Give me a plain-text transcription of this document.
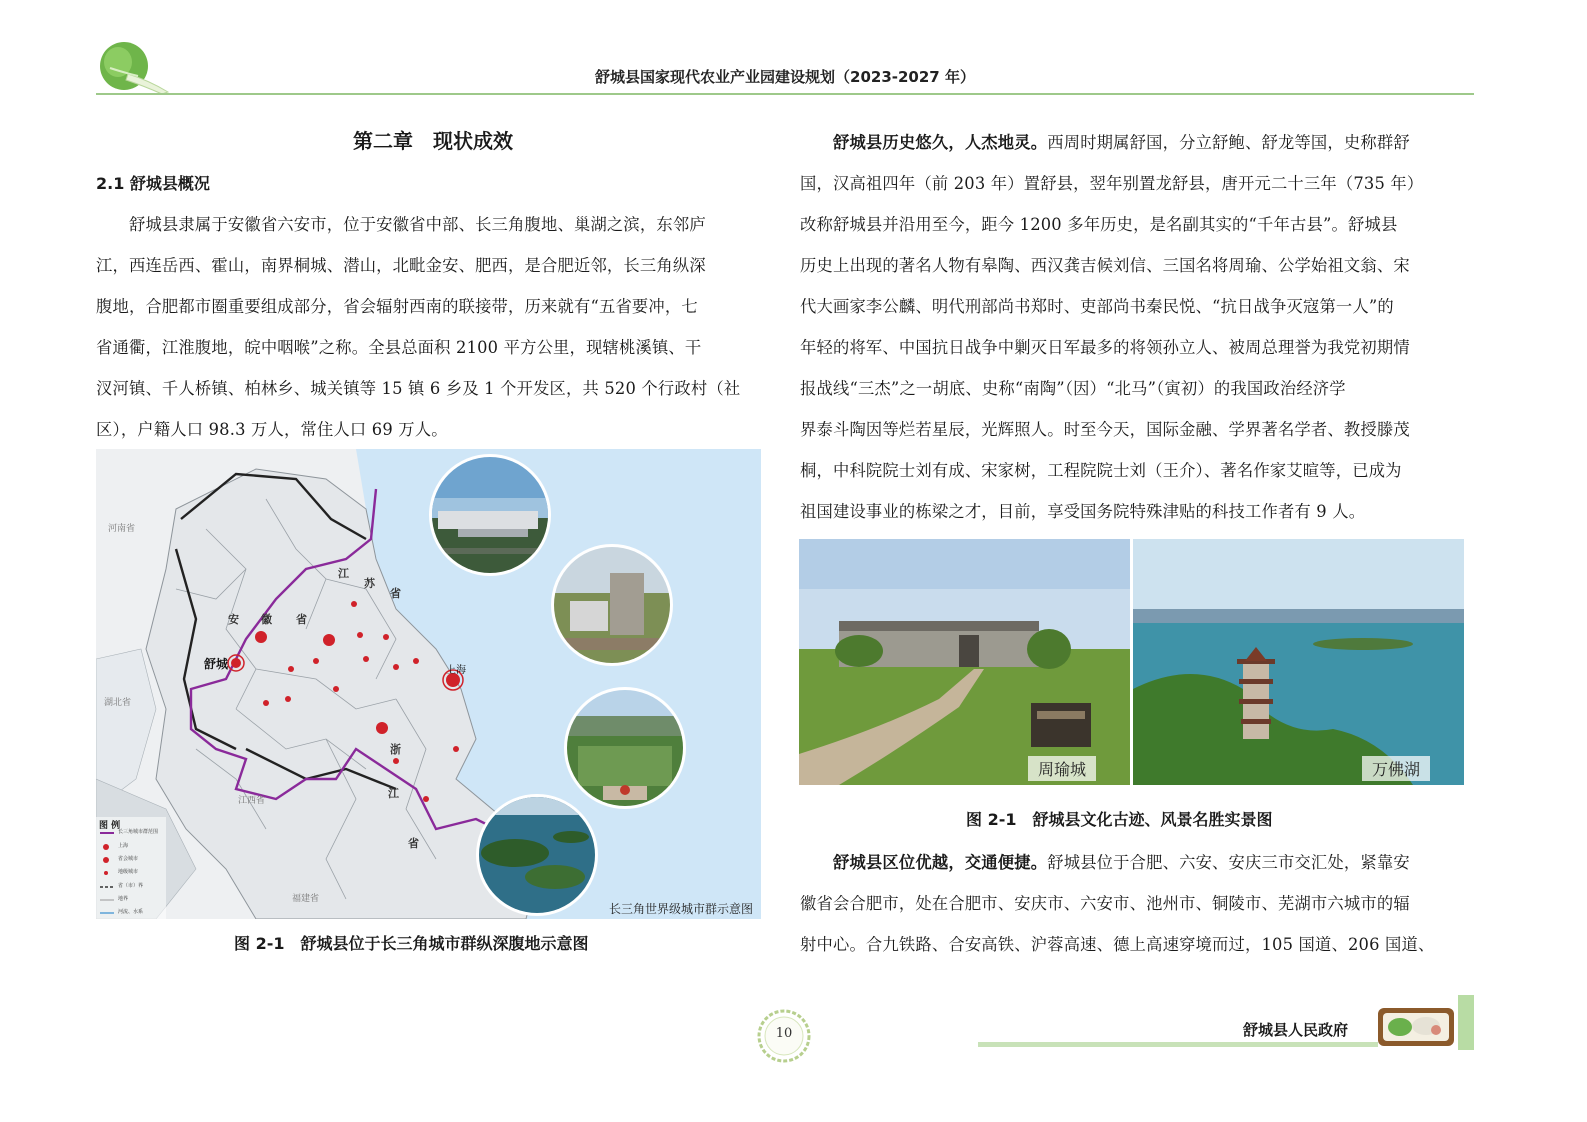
舒城县国家现代农业产业园建设规划（2023-2027 年）
第二章　现状成效
2.1 舒城县概况
　　舒城县隶属于安徽省六安市，位于安徽省中部、长三角腹地、巢湖之滨，东邻庐
江，西连岳西、霍山，南界桐城、潜山，北毗金安、肥西，是合肥近邻，长三角纵深
腹地，合肥都市圈重要组成部分，省会辐射西南的联接带，历来就有“五省要冲，七
省通衢，江淮腹地，皖中咽喉”之称。全县总面积 2100 平方公里，现辖桃溪镇、干
汊河镇、千人桥镇、柏林乡、城关镇等 15 镇 6 乡及 1 个开发区，共 520 个行政村（社
区），户籍人口 98.3 万人，常住人口 69 万人。
河南省
湖北省
江西省
福建省
安 徽 省
江
苏
省
浙
江
省
舒城	上海
图 例
长三角城市群范围
上海
省会城市
地级城市
省（市）界
地界
河流、水系	长三角世界级城市群示意图
图 2-1　舒城县位于长三角城市群纵深腹地示意图
　　舒城县历史悠久，人杰地灵。西周时期属舒国，分立舒鲍、舒龙等国，史称群舒
国，汉高祖四年（前 203 年）置舒县，翌年别置龙舒县，唐开元二十三年（735 年）
改称舒城县并沿用至今，距今 1200 多年历史，是名副其实的“千年古县”。舒城县
历史上出现的著名人物有皋陶、西汉龚吉候刘信、三国名将周瑜、公学始祖文翁、宋
代大画家李公麟、明代刑部尚书郑时、吏部尚书秦民悦、“抗日战争灭寇第一人”的
年轻的将军、中国抗日战争中剿灭日军最多的将领孙立人、被周总理誉为我党初期情
报战线“三杰”之一胡底、史称“南陶”（因）“北马”（寅初）的我国政治经济学
界泰斗陶因等烂若星辰，光辉照人。时至今天，国际金融、学界著名学者、教授滕茂
桐，中科院院士刘有成、宋家树，工程院院士刘（王介）、著名作家艾暄等，已成为
祖国建设事业的栋梁之才，目前，享受国务院特殊津贴的科技工作者有 9 人。
周瑜城	万佛湖
图 2-1　舒城县文化古迹、风景名胜实景图
　　舒城县区位优越，交通便捷。舒城县位于合肥、六安、安庆三市交汇处，紧靠安
徽省会合肥市，处在合肥市、安庆市、六安市、池州市、铜陵市、芜湖市六城市的辐
射中心。合九铁路、合安高铁、沪蓉高速、德上高速穿境而过，105 国道、206 国道、
10	舒城县人民政府
